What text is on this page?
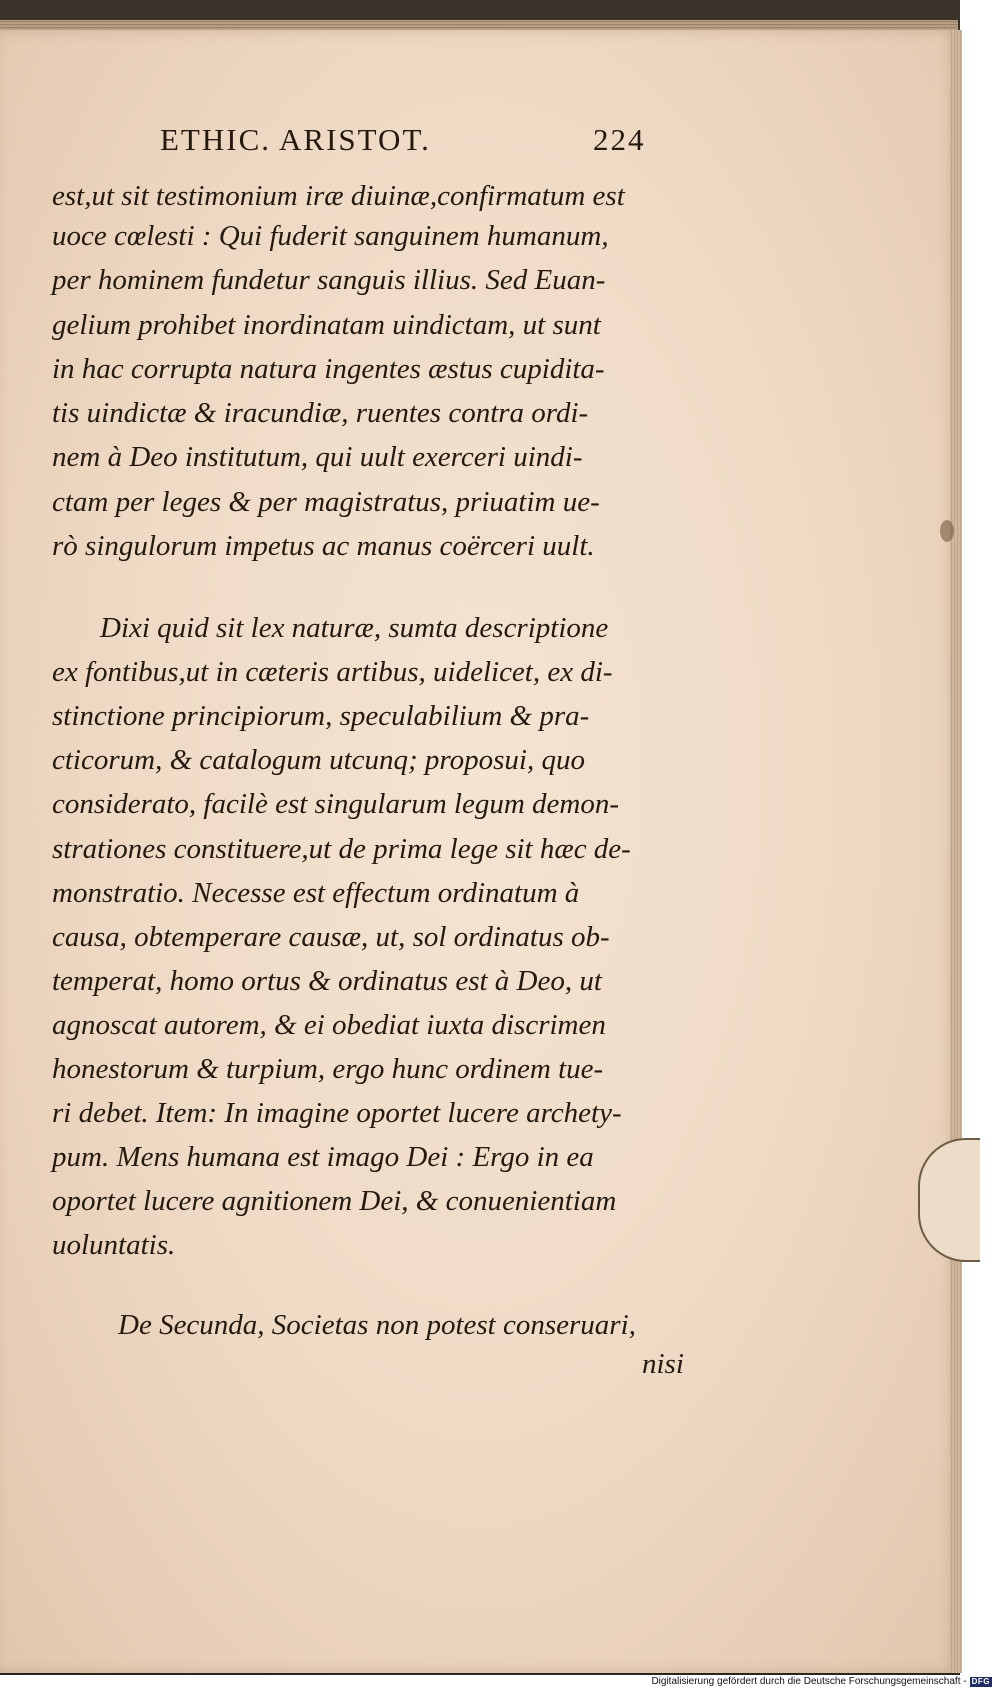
ETHIC. ARISTOT.	224
est,ut sit testimonium iræ diuinæ,confirmatum est
uoce cœlesti : Qui fuderit sanguinem humanum,
per hominem fundetur sanguis illius. Sed Euan-
gelium prohibet inordinatam uindictam, ut sunt
in hac corrupta natura ingentes æstus cupidita-
tis uindictæ & iracundiæ, ruentes contra ordi-
nem à Deo institutum, qui uult exerceri uindi-
ctam per leges & per magistratus, priuatim ue-
rò singulorum impetus ac manus coërceri uult.
Dixi quid sit lex naturæ, sumta descriptione
ex fontibus,ut in cæteris artibus, uidelicet, ex di-
stinctione principiorum, speculabilium & pra-
cticorum, & catalogum utcunq; proposui, quo
considerato, facilè est singularum legum demon-
strationes constituere,ut de prima lege sit hæc de-
monstratio. Necesse est effectum ordinatum à
causa, obtemperare causæ, ut, sol ordinatus ob-
temperat, homo ortus & ordinatus est à Deo, ut
agnoscat autorem, & ei obediat iuxta discrimen
honestorum & turpium, ergo hunc ordinem tue-
ri debet. Item: In imagine oportet lucere archety-
pum. Mens humana est imago Dei : Ergo in ea
oportet lucere agnitionem Dei, & conuenientiam
uoluntatis.
De Secunda, Societas non potest conseruari,
nisi
Digitalisierung gefördert durch die Deutsche Forschungsgemeinschaft - DFG
